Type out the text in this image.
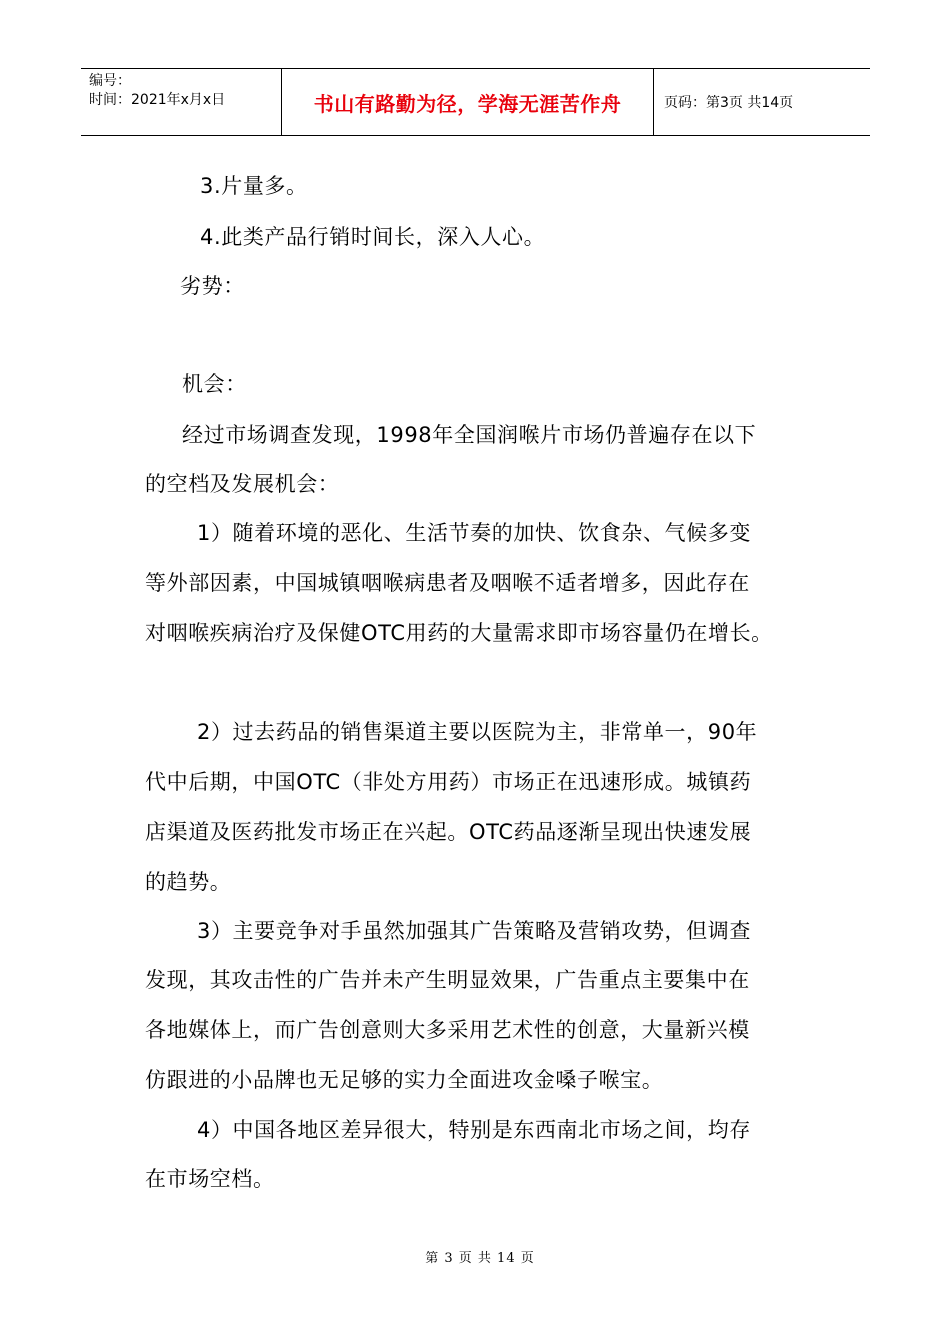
编号：
时间：2021年x月x日	书山有路勤为径，学海无涯苦作舟	页码：第3页 共14页
3.片量多。
4.此类产品行销时间长，深入人心。
劣势：
机会：
经过市场调查发现，1998年全国润喉片市场仍普遍存在以下
的空档及发展机会：
1）随着环境的恶化、生活节奏的加快、饮食杂、气候多变
等外部因素，中国城镇咽喉病患者及咽喉不适者增多，因此存在
对咽喉疾病治疗及保健OTC用药的大量需求即市场容量仍在增长。
2）过去药品的销售渠道主要以医院为主，非常单一，90年
代中后期，中国OTC（非处方用药）市场正在迅速形成。城镇药
店渠道及医药批发市场正在兴起。OTC药品逐渐呈现出快速发展
的趋势。
3）主要竞争对手虽然加强其广告策略及营销攻势，但调查
发现，其攻击性的广告并未产生明显效果，广告重点主要集中在
各地媒体上，而广告创意则大多采用艺术性的创意，大量新兴模
仿跟进的小品牌也无足够的实力全面进攻金嗓子喉宝。
4）中国各地区差异很大，特别是东西南北市场之间，均存
在市场空档。
第 3 页 共 14 页
